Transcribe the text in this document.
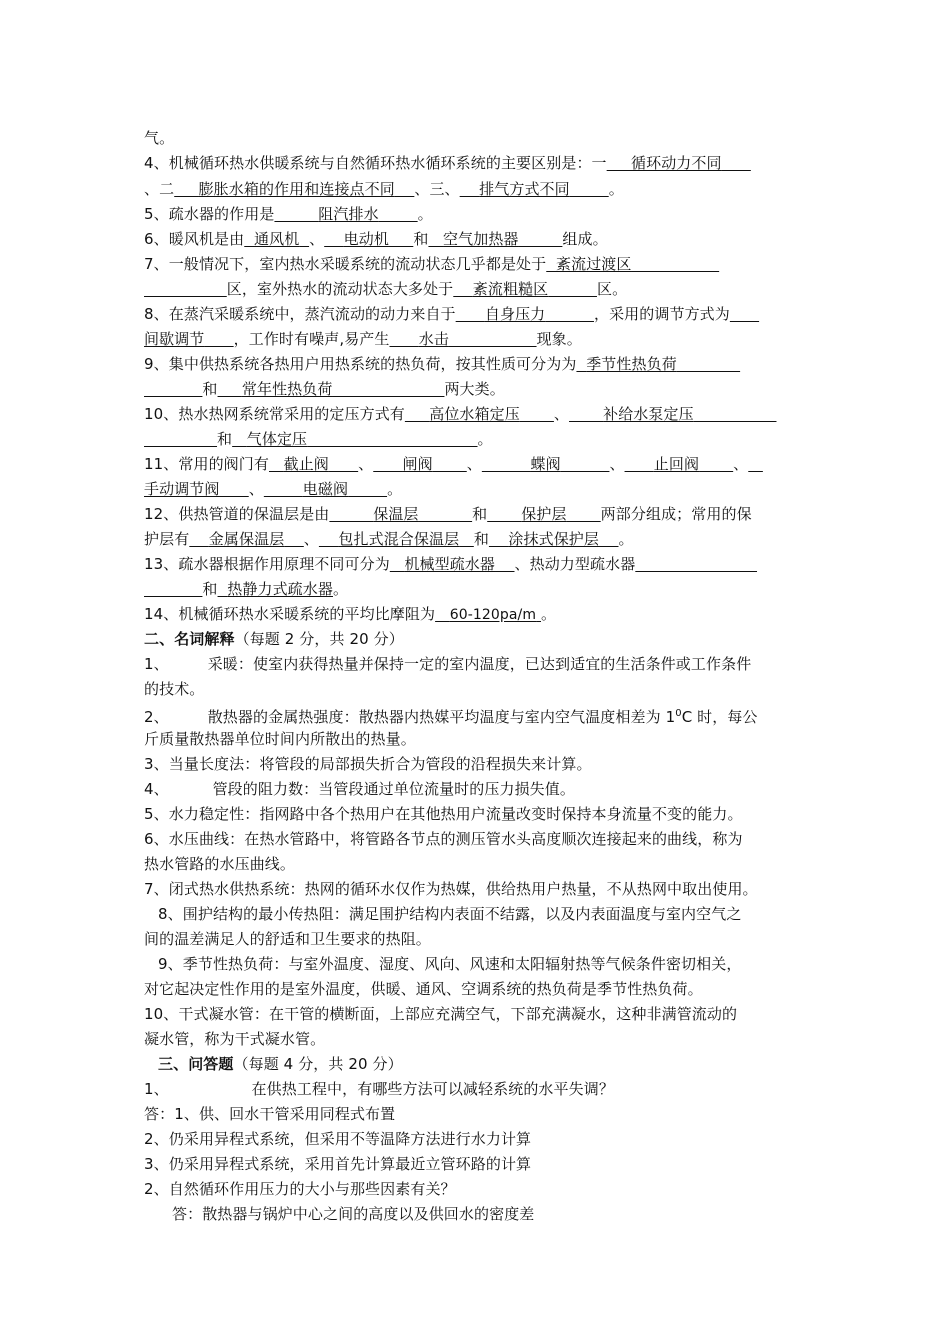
气。
4、机械循环热水供暖系统与自然循环热水循环系统的主要区别是：一 循环动力不同
、二 膨胀水箱的作用和连接点不同 、三、 排气方式不同	。
5、疏水器的作用是	阻汽排水	。
6、暖风机是由 通风机 、 电动机 和 空气加热器	组成。
7、一般情况下，室内热水采暖系统的流动状态几乎都是处于 紊流过渡区
区，室外热水的流动状态大多处于 紊流粗糙区	区。
8、在蒸汽采暖系统中，蒸汽流动的动力来自于 自身压力	，采用的调节方式为
间歇调节 ，工作时有噪声,易产生 水击	现象。
9、集中供热系统各热用户用热系统的热负荷，按其性质可分为为 季节性热负荷
和 常年性热负荷	两大类。
10、热水热网系统常采用的定压方式有 高位水箱定压 、 补给水泵定压
和 气体定压	。
11、常用的阀门有 截止阀 、 闸阀 、	蝶阀	、 止回阀 、
手动调节阀 、	电磁阀	。
12、供热管道的保温层是由	保温层	和 保护层 两部分组成；常用的保
护层有 金属保温层 、 包扎式混合保温层 和 涂抹式保护层 。
13、疏水器根据作用原理不同可分为 机械型疏水器 、热动力型疏水器
和 热静力式疏水器。
14、机械循环热水采暖系统的平均比摩阻为 60-120pa/m 。
二、名词解释（每题 2 分，共 20 分）
1、	采暖：使室内获得热量并保持一定的室内温度，已达到适宜的生活条件或工作条件
的技术。
2、	散热器的金属热强度：散热器内热媒平均温度与室内空气温度相差为 $1^0C$ 时，每公
斤质量散热器单位时间内所散出的热量。
3、当量长度法：将管段的局部损失折合为管段的沿程损失来计算。
4、	管段的阻力数：当管段通过单位流量时的压力损失值。
5、水力稳定性：指网路中各个热用户在其他热用户流量改变时保持本身流量不变的能力。
6、水压曲线：在热水管路中，将管路各节点的测压管水头高度顺次连接起来的曲线，称为
热水管路的水压曲线。
7、闭式热水供热系统：热网的循环水仅作为热媒，供给热用户热量，不从热网中取出使用。
8、围护结构的最小传热阻：满足围护结构内表面不结露，以及内表面温度与室内空气之
间的温差满足人的舒适和卫生要求的热阻。
9、季节性热负荷：与室外温度、湿度、风向、风速和太阳辐射热等气候条件密切相关，
对它起决定性作用的是室外温度，供暖、通风、空调系统的热负荷是季节性热负荷。
10、干式凝水管：在干管的横断面，上部应充满空气，下部充满凝水，这种非满管流动的
凝水管，称为干式凝水管。
三、问答题（每题 4 分，共 20 分）
1、	在供热工程中，有哪些方法可以减轻系统的水平失调？
答：1、供、回水干管采用同程式布置
2、仍采用异程式系统，但采用不等温降方法进行水力计算
3、仍采用异程式系统，采用首先计算最近立管环路的计算
2、自然循环作用压力的大小与那些因素有关？
答：散热器与锅炉中心之间的高度以及供回水的密度差
